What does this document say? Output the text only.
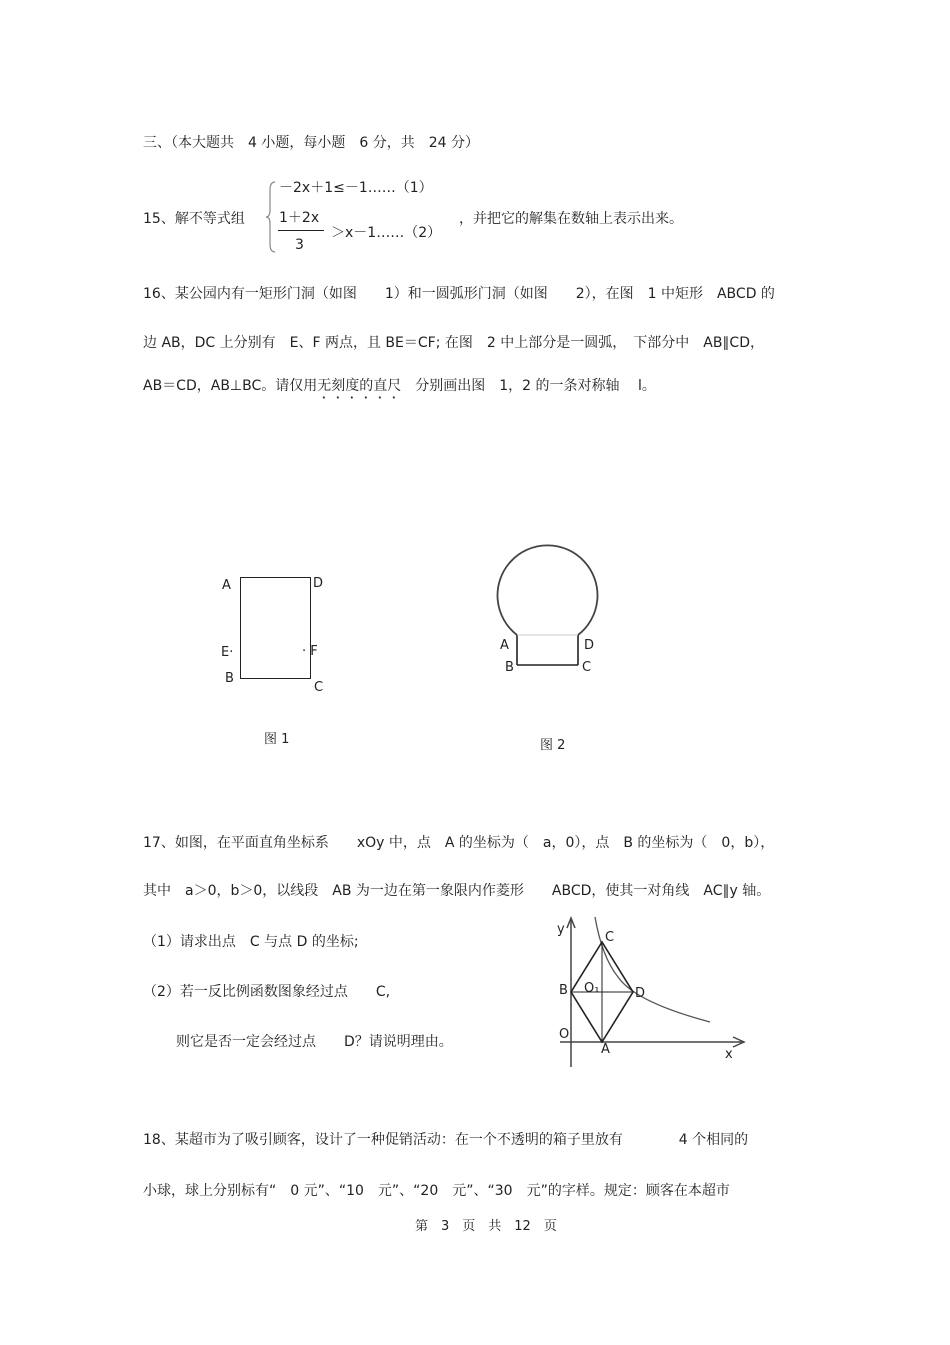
三、（本大题共　4 小题，每小题　6 分，共　24 分）
15、解不等式组
－2x＋1≤－1……（1）
1＋2x
3
＞x－1……（2）
，并把它的解集在数轴上表示出来。
16、某公园内有一矩形门洞（如图　　1）和一圆弧形门洞（如图　　2），在图　1 中矩形　ABCD 的
边 AB，DC 上分别有　E、F 两点，且 BE＝CF; 在图　2 中上部分是一圆弧，　下部分中　AB∥CD，
AB＝CD，AB⊥BC。请仅用无刻度的直尺　分别画出图　1，2 的一条对称轴　 l。
A	D
E·	· F
B
C
图 1
A	D
B	C
图 2
17、如图，在平面直角坐标系　　xOy 中，点　A 的坐标为（　a，0），点　B 的坐标为（　0，b），
其中　a＞0，b＞0，以线段　AB 为一边在第一象限内作菱形　　ABCD，使其一对角线　AC∥y 轴。
（1）请求出点　C 与点 D 的坐标;
（2）若一反比例函数图象经过点　　C,
则它是否一定会经过点　　D？请说明理由。
y
C
B O₁	D
O
A	x
18、某超市为了吸引顾客，设计了一种促销活动：在一个不透明的箱子里放有　　　　4 个相同的
小球，球上分别标有“　0 元”、“10　元”、“20　元”、“30　元”的字样。规定：顾客在本超市
第　3　页　共　12　页
